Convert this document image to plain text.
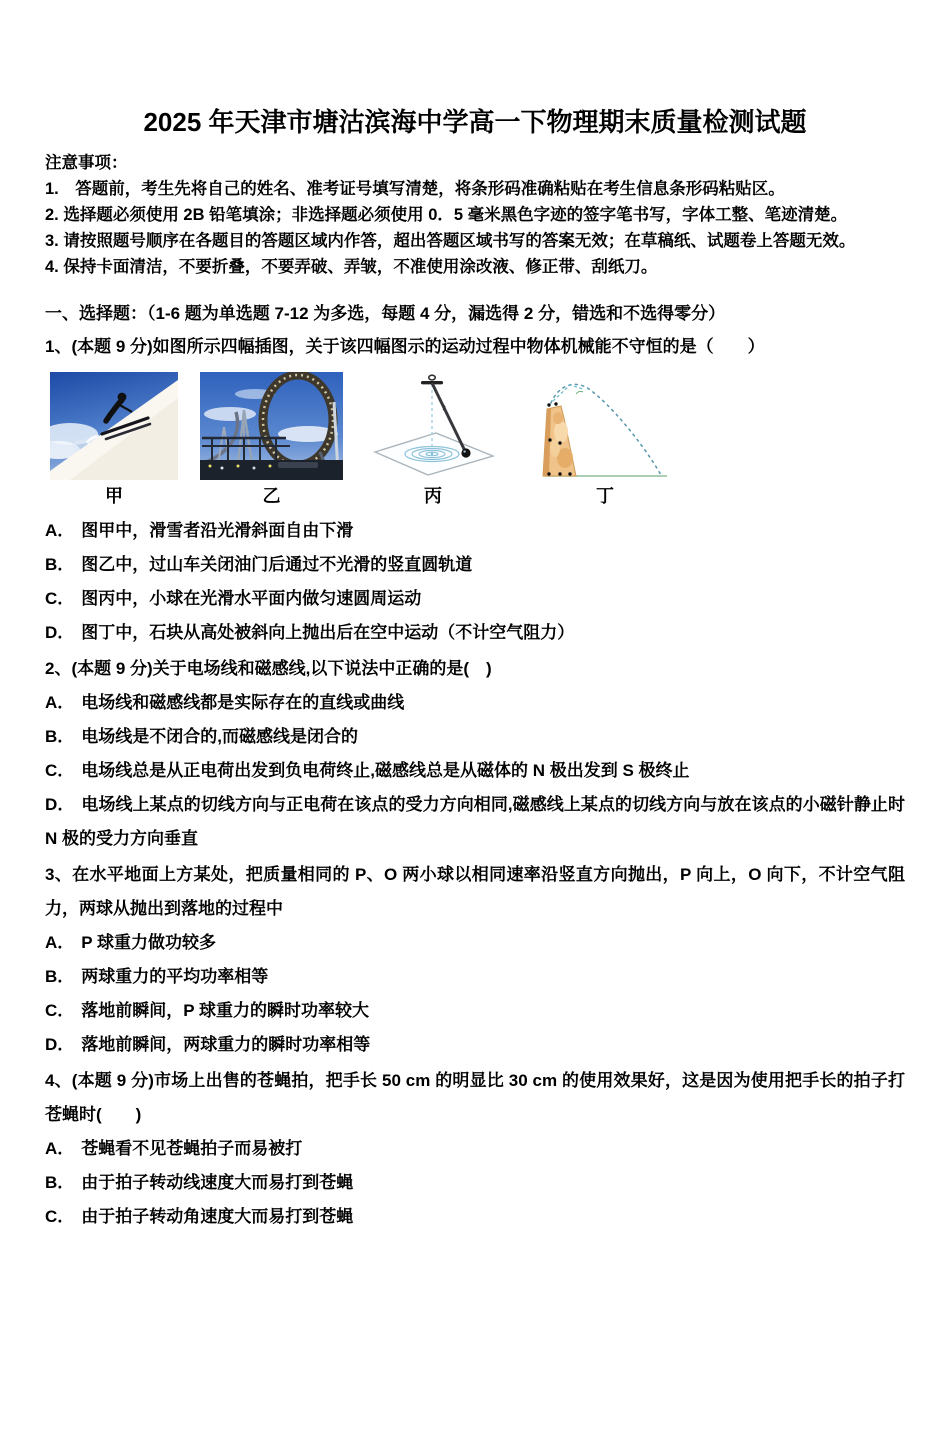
2025 年天津市塘沽滨海中学高一下物理期末质量检测试题

注意事项：

1.　答题前，考生先将自己的姓名、准考证号填写清楚，将条形码准确粘贴在考生信息条形码粘贴区。

2. 选择题必须使用 2B 铅笔填涂；非选择题必须使用 0．5 毫米黑色字迹的签字笔书写，字体工整、笔迹清楚。

3. 请按照题号顺序在各题目的答题区域内作答，超出答题区域书写的答案无效；在草稿纸、试题卷上答题无效。

4. 保持卡面清洁，不要折叠，不要弄破、弄皱，不准使用涂改液、修正带、刮纸刀。

一、选择题：（1-6 题为单选题 7-12 为多选，每题 4 分，漏选得 2 分，错选和不选得零分）

1、(本题 9 分)如图所示四幅插图，关于该四幅图示的运动过程中物体机械能不守恒的是（　　）

甲	乙	丙	丁

A． 图甲中，滑雪者沿光滑斜面自由下滑

B． 图乙中，过山车关闭油门后通过不光滑的竖直圆轨道

C． 图丙中，小球在光滑水平面内做匀速圆周运动

D． 图丁中，石块从高处被斜向上抛出后在空中运动（不计空气阻力）

2、(本题 9 分)关于电场线和磁感线,以下说法中正确的是(　)

A． 电场线和磁感线都是实际存在的直线或曲线

B． 电场线是不闭合的,而磁感线是闭合的

C． 电场线总是从正电荷出发到负电荷终止,磁感线总是从磁体的 N 极出发到 S 极终止

D． 电场线上某点的切线方向与正电荷在该点的受力方向相同,磁感线上某点的切线方向与放在该点的小磁针静止时 N 极的受力方向垂直

3、在水平地面上方某处，把质量相同的 P、O 两小球以相同速率沿竖直方向抛出，P 向上，O 向下，不计空气阻力，两球从抛出到落地的过程中

A． P 球重力做功较多

B． 两球重力的平均功率相等

C． 落地前瞬间，P 球重力的瞬时功率较大

D． 落地前瞬间，两球重力的瞬时功率相等

4、(本题 9 分)市场上出售的苍蝇拍，把手长 50 cm 的明显比 30 cm 的使用效果好，这是因为使用把手长的拍子打苍蝇时(　　)

A． 苍蝇看不见苍蝇拍子而易被打

B． 由于拍子转动线速度大而易打到苍蝇

C． 由于拍子转动角速度大而易打到苍蝇
